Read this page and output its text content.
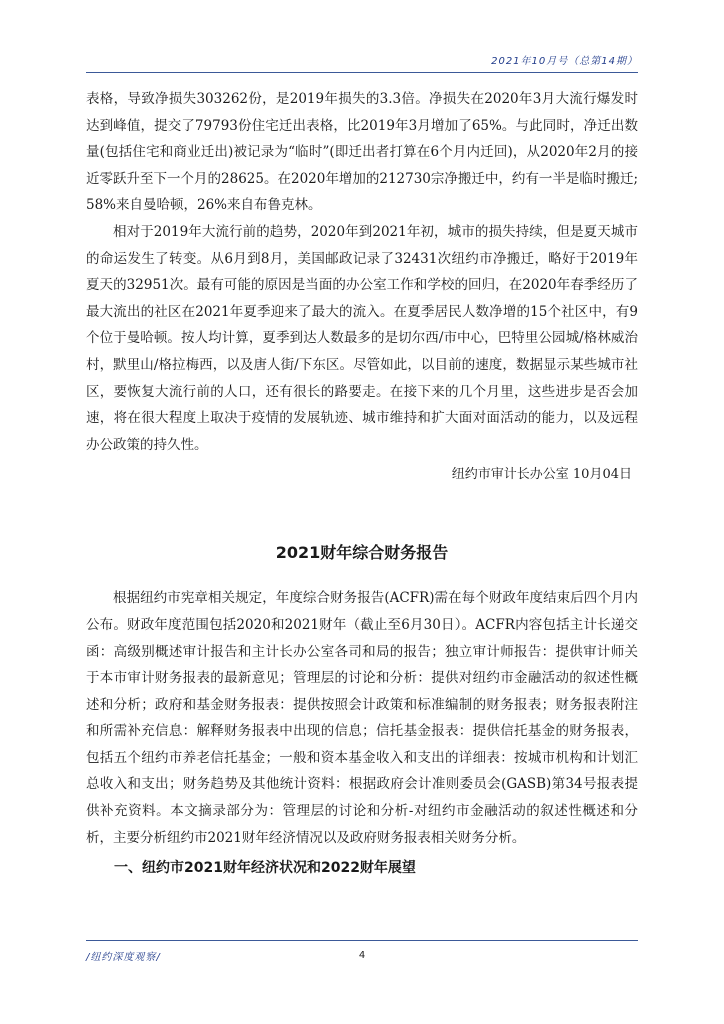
2021年10月号（总第14期）

表格，导致净损失303262份，是2019年损失的3.3倍。净损失在2020年3月大流行爆发时达到峰值，提交了79793份住宅迁出表格，比2019年3月增加了65%。与此同时，净迁出数量(包括住宅和商业迁出)被记录为“临时”(即迁出者打算在6个月内迁回)，从2020年2月的接近零跃升至下一个月的28625。在2020年增加的212730宗净搬迁中，约有一半是临时搬迁;58%来自曼哈顿，26%来自布鲁克林。

相对于2019年大流行前的趋势，2020年到2021年初，城市的损失持续，但是夏天城市的命运发生了转变。从6月到8月，美国邮政记录了32431次纽约市净搬迁，略好于2019年夏天的32951次。最有可能的原因是当面的办公室工作和学校的回归，在2020年春季经历了最大流出的社区在2021年夏季迎来了最大的流入。在夏季居民人数净增的15个社区中，有9个位于曼哈顿。按人均计算，夏季到达人数最多的是切尔西/市中心，巴特里公园城/格林威治村，默里山/格拉梅西，以及唐人街/下东区。尽管如此，以目前的速度，数据显示某些城市社区，要恢复大流行前的人口，还有很长的路要走。在接下来的几个月里，这些进步是否会加速，将在很大程度上取决于疫情的发展轨迹、城市维持和扩大面对面活动的能力，以及远程办公政策的持久性。

纽约市审计长办公室 10月04日

2021财年综合财务报告

根据纽约市宪章相关规定，年度综合财务报告(ACFR)需在每个财政年度结束后四个月内公布。财政年度范围包括2020和2021财年（截止至6月30日）。ACFR内容包括主计长递交函：高级别概述审计报告和主计长办公室各司和局的报告；独立审计师报告：提供审计师关于本市审计财务报表的最新意见；管理层的讨论和分析：提供对纽约市金融活动的叙述性概述和分析；政府和基金财务报表：提供按照会计政策和标准编制的财务报表；财务报表附注和所需补充信息：解释财务报表中出现的信息；信托基金报表：提供信托基金的财务报表，包括五个纽约市养老信托基金；一般和资本基金收入和支出的详细表：按城市机构和计划汇总收入和支出；财务趋势及其他统计资料：根据政府会计准则委员会(GASB)第34号报表提供补充资料。本文摘录部分为：管理层的讨论和分析-对纽约市金融活动的叙述性概述和分析，主要分析纽约市2021财年经济情况以及政府财务报表相关财务分析。

一、纽约市2021财年经济状况和2022财年展望

/纽约深度观察/	4
